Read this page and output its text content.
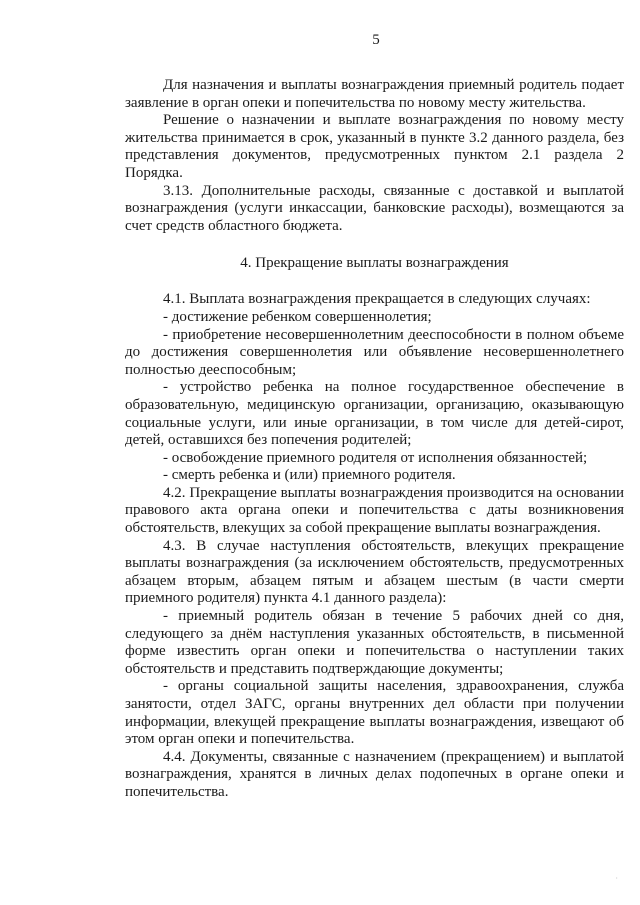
5

Для назначения и выплаты вознаграждения приемный родитель подает заявление в орган опеки и попечительства по новому месту жительства.

Решение о назначении и выплате вознаграждения по новому месту жительства принимается в срок, указанный в пункте 3.2 данного раздела, без представления документов, предусмотренных пунктом 2.1 раздела 2 Порядка.

3.13. Дополнительные расходы, связанные с доставкой и выплатой вознаграждения (услуги инкассации, банковские расходы), возмещаются за счет средств областного бюджета.

4. Прекращение выплаты вознаграждения

4.1. Выплата вознаграждения прекращается в следующих случаях:

- достижение ребенком совершеннолетия;

- приобретение несовершеннолетним дееспособности в полном объеме до достижения совершеннолетия или объявление несовершеннолетнего полностью дееспособным;

- устройство ребенка на полное государственное обеспечение в образовательную, медицинскую организации, организацию, оказывающую социальные услуги, или иные организации, в том числе для детей-сирот, детей, оставшихся без попечения родителей;

- освобождение приемного родителя от исполнения обязанностей;

- смерть ребенка и (или) приемного родителя.

4.2. Прекращение выплаты вознаграждения производится на основании правового акта органа опеки и попечительства с даты возникновения обстоятельств, влекущих за собой прекращение выплаты вознаграждения.

4.3. В случае наступления обстоятельств, влекущих прекращение выплаты вознаграждения (за исключением обстоятельств, предусмотренных абзацем вторым, абзацем пятым и абзацем шестым (в части смерти приемного родителя) пункта 4.1 данного раздела):

- приемный родитель обязан в течение 5 рабочих дней со дня, следующего за днём наступления указанных обстоятельств, в письменной форме известить орган опеки и попечительства о наступлении таких обстоятельств и представить подтверждающие документы;

- органы социальной защиты населения, здравоохранения, служба занятости, отдел ЗАГС, органы внутренних дел области при получении информации, влекущей прекращение выплаты вознаграждения, извещают об этом орган опеки и попечительства.

4.4. Документы, связанные с назначением (прекращением) и выплатой вознаграждения, хранятся в личных делах подопечных в органе опеки и попечительства.

·
